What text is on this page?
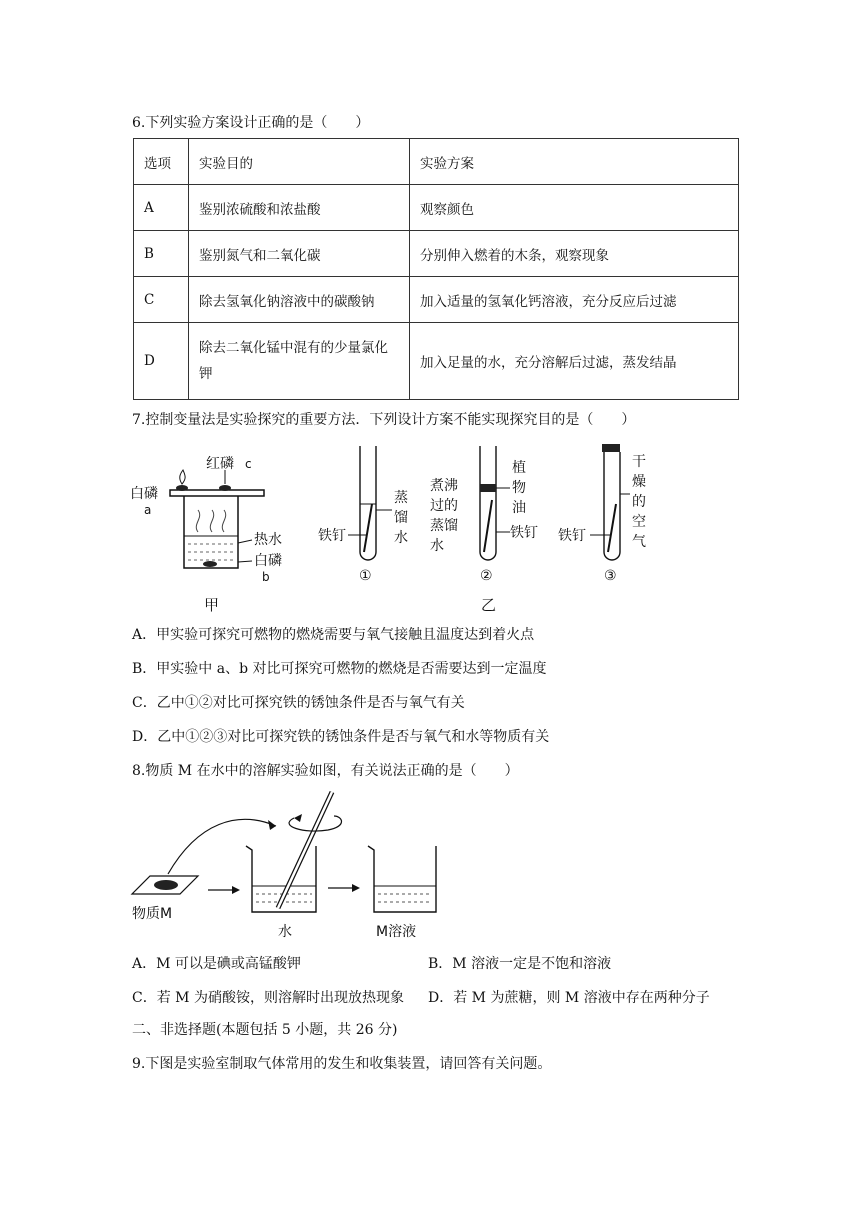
6.下列实验方案设计正确的是（　　）
选项	实验目的	实验方案
A	鉴别浓硫酸和浓盐酸	观察颜色
B	鉴别氮气和二氧化碳	分别伸入燃着的木条，观察现象
C	除去氢氧化钠溶液中的碳酸钠	加入适量的氢氧化钙溶液，充分反应后过滤
D	除去二氧化锰中混有的少量氯化钾	加入足量的水，充分溶解后过滤，蒸发结晶
7.控制变量法是实验探究的重要方法．下列设计方案不能实现探究目的是（　　）
白磷
a
红磷 c
热水
白磷
b
甲
铁钉
蒸
馏
水
①
煮沸
过的
蒸馏
水
植
物
油
铁钉
②
乙
铁钉
干
燥
的
空
气
③
A．甲实验可探究可燃物的燃烧需要与氧气接触且温度达到着火点
B．甲实验中 a、b 对比可探究可燃物的燃烧是否需要达到一定温度
C．乙中①②对比可探究铁的锈蚀条件是否与氧气有关
D．乙中①②③对比可探究铁的锈蚀条件是否与氧气和水等物质有关
8.物质 M 在水中的溶解实验如图，有关说法正确的是（　　）
物质M
水	M溶液
A．M 可以是碘或高锰酸钾	B．M 溶液一定是不饱和溶液
C．若 M 为硝酸铵，则溶解时出现放热现象 D．若 M 为蔗糖，则 M 溶液中存在两种分子
二、非选择题(本题包括 5 小题，共 26 分)
9.下图是实验室制取气体常用的发生和收集装置，请回答有关问题。
